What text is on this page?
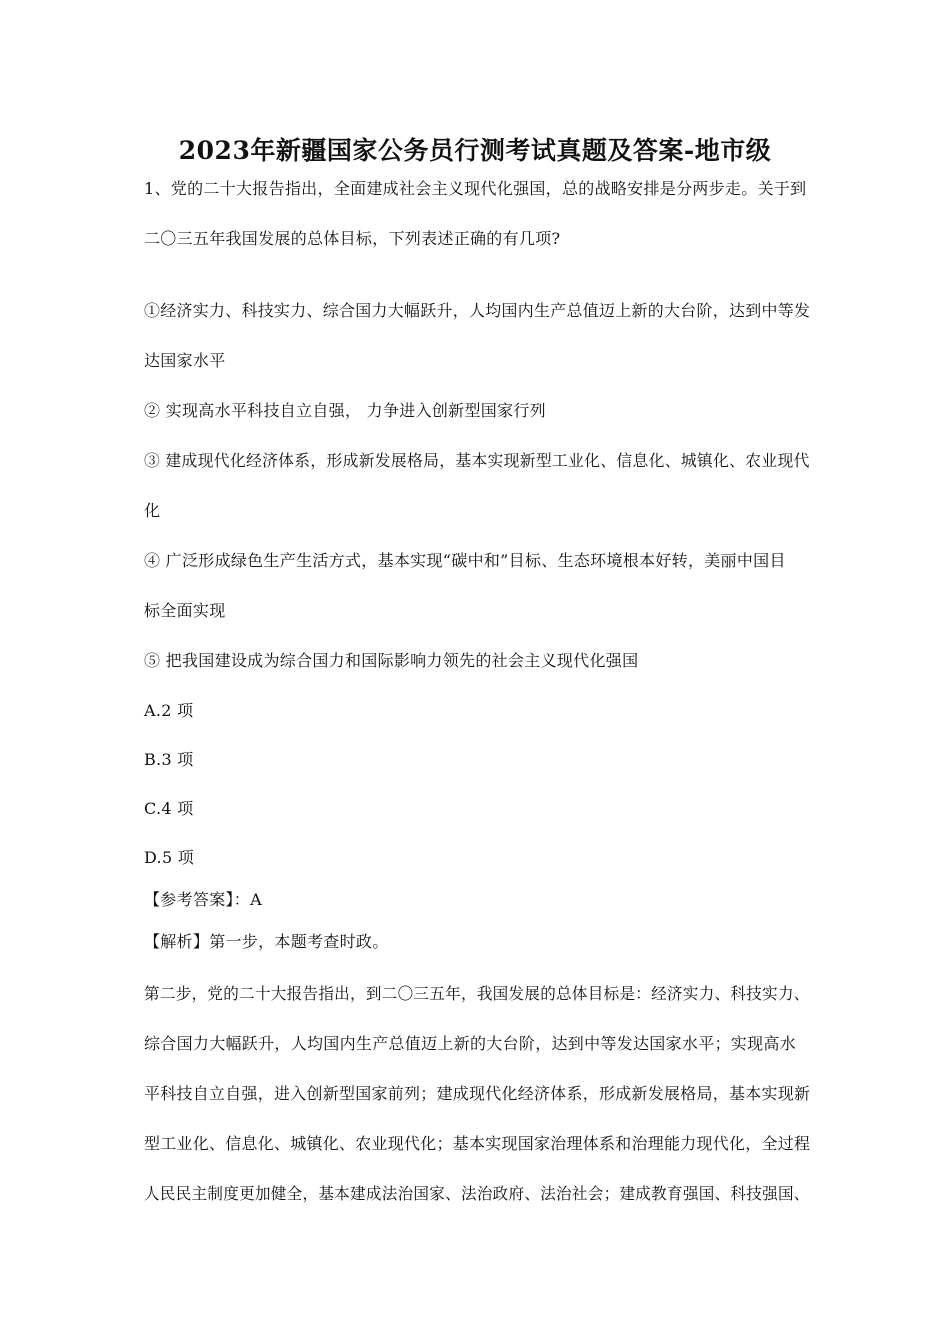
2023年新疆国家公务员行测考试真题及答案-地市级
1、党的二十大报告指出，全面建成社会主义现代化强国，总的战略安排是分两步走。关于到
二〇三五年我国发展的总体目标，下列表述正确的有几项?
①经济实力、科技实力、综合国力大幅跃升，人均国内生产总值迈上新的大台阶，达到中等发
达国家水平
② 实现高水平科技自立自强， 力争进入创新型国家行列
③ 建成现代化经济体系，形成新发展格局，基本实现新型工业化、信息化、城镇化、农业现代
化
④ 广泛形成绿色生产生活方式，基本实现“碳中和”目标、生态环境根本好转，美丽中国目
标全面实现
⑤ 把我国建设成为综合国力和国际影响力领先的社会主义现代化强国
A.2 项
B.3 项
C.4 项
D.5 项
【参考答案】：A
【解析】第一步，本题考查时政。
第二步，党的二十大报告指出，到二〇三五年，我国发展的总体目标是：经济实力、科技实力、
综合国力大幅跃升，人均国内生产总值迈上新的大台阶，达到中等发达国家水平；实现高水
平科技自立自强，进入创新型国家前列；建成现代化经济体系，形成新发展格局，基本实现新
型工业化、信息化、城镇化、农业现代化；基本实现国家治理体系和治理能力现代化，全过程
人民民主制度更加健全，基本建成法治国家、法治政府、法治社会；建成教育强国、科技强国、
